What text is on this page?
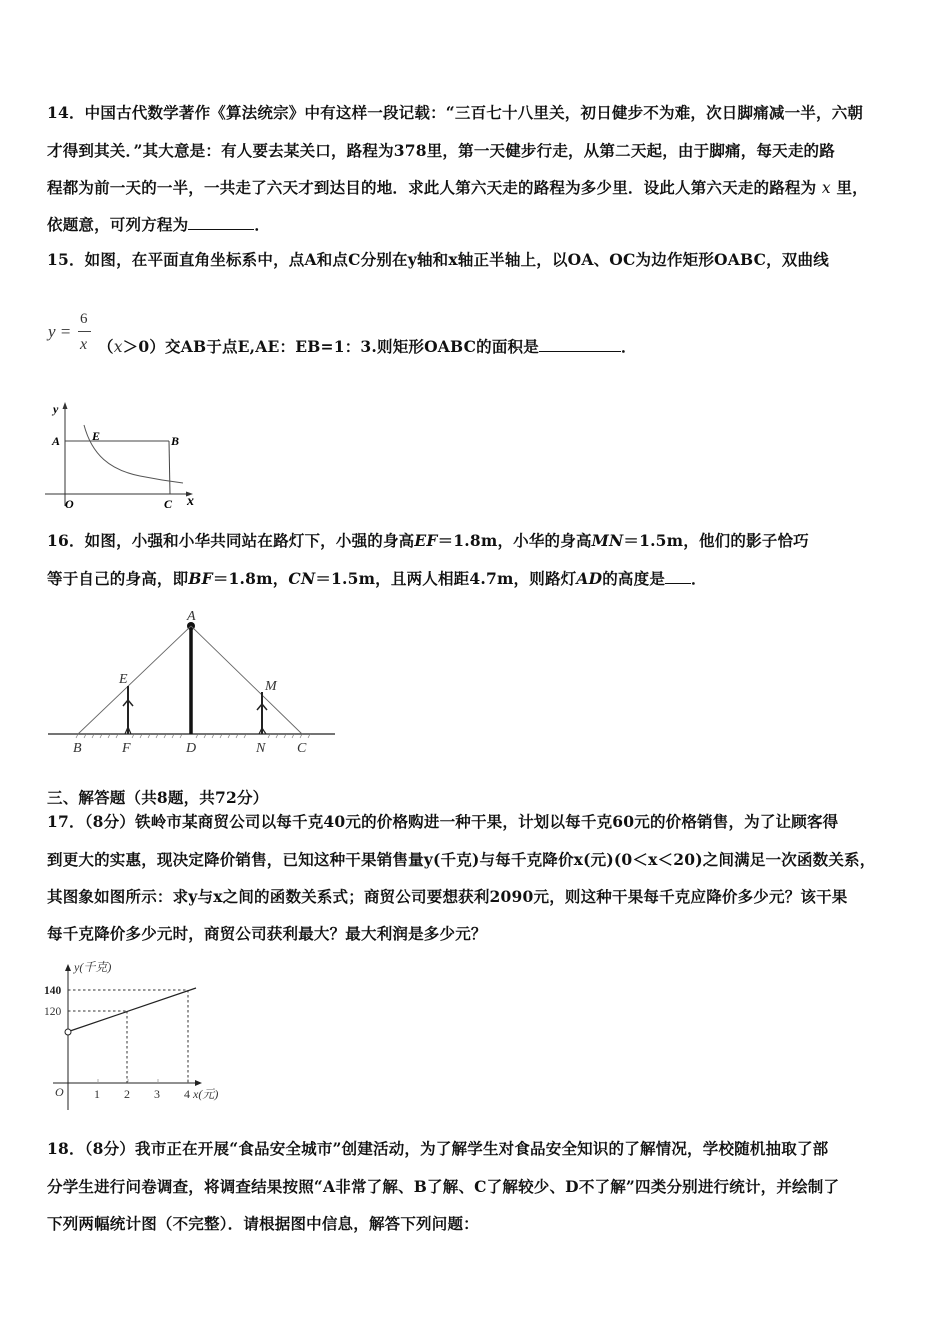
14．中国古代数学著作《算法统宗》中有这样一段记载：“三百七十八里关，初日健步不为难，次日脚痛减一半，六朝
才得到其关．”其大意是：有人要去某关口，路程为378里，第一天健步行走，从第二天起，由于脚痛，每天走的路
程都为前一天的一半，一共走了六天才到达目的地．求此人第六天走的路程为多少里．设此人第六天走的路程为 x 里，
依题意，可列方程为	．
15．如图，在平面直角坐标系中，点A和点C分别在y轴和x轴正半轴上，以OA、OC为边作矩形OABC，双曲线
y =
6
x （x＞0）交AB于点E,AE：EB=1：3.则矩形OABC的面积是	．
y
A	E	B
O	C x
16．如图，小强和小华共同站在路灯下，小强的身高EF＝1.8m，小华的身高MN＝1.5m，他们的影子恰巧
等于自己的身高，即BF＝1.8m，CN＝1.5m，且两人相距4.7m，则路灯AD的高度是 ．
A
E	M
B	F	D	N C
三、解答题（共8题，共72分）
17．（8分）铁岭市某商贸公司以每千克40元的价格购进一种干果，计划以每千克60元的价格销售，为了让顾客得
到更大的实惠，现决定降价销售，已知这种干果销售量y(千克)与每千克降价x(元)(0＜x＜20)之间满足一次函数关系，
其图象如图所示：求y与x之间的函数关系式；商贸公司要想获利2090元，则这种干果每千克应降价多少元？该干果
每千克降价多少元时，商贸公司获利最大？最大利润是多少元？
y(千克)
140
120
O	1 2 3 4 x(元)
18．（8分）我市正在开展“食品安全城市”创建活动，为了解学生对食品安全知识的了解情况，学校随机抽取了部
分学生进行问卷调查，将调查结果按照“A非常了解、B了解、C了解较少、D不了解”四类分别进行统计，并绘制了
下列两幅统计图（不完整）．请根据图中信息，解答下列问题：
